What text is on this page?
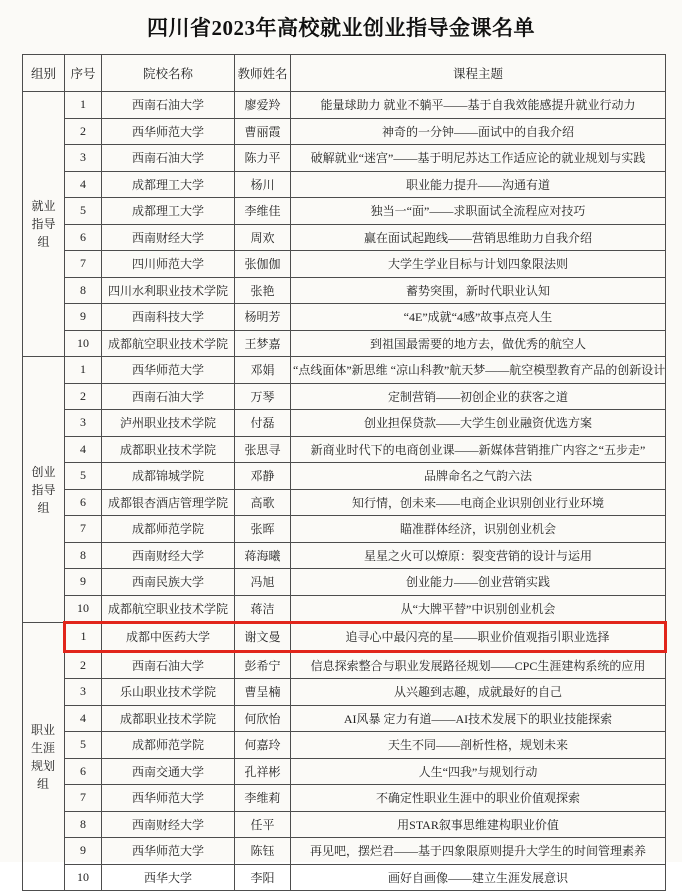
四川省2023年高校就业创业指导金课名单
组别	序号	院校名称	教师姓名	课程主题
就业
指导组	1	西南石油大学	廖爱羚	能量球助力 就业不躺平——基于自我效能感提升就业行动力
	2	西华师范大学	曹丽霞	神奇的一分钟——面试中的自我介绍
	3	西南石油大学	陈力平	破解就业“迷宫”——基于明尼苏达工作适应论的就业规划与实践
	4	成都理工大学	杨川	职业能力提升——沟通有道
	5	成都理工大学	李维佳	独当一“面”——求职面试全流程应对技巧
	6	西南财经大学	周欢	赢在面试起跑线——营销思维助力自我介绍
	7	四川师范大学	张伽伽	大学生学业目标与计划四象限法则
	8	四川水利职业技术学院	张艳	蓄势突围，新时代职业认知
	9	西南科技大学	杨明芳	“4E”成就“4感”故事点亮人生
	10	成都航空职业技术学院	王梦嘉	到祖国最需要的地方去，做优秀的航空人
创业
指导组	1	西华师范大学	邓娟	“点线面体”新思维 “凉山科教”航天梦——航空模型教育产品的创新设计
	2	西南石油大学	万琴	定制营销——初创企业的获客之道
	3	泸州职业技术学院	付磊	创业担保贷款——大学生创业融资优选方案
	4	成都职业技术学院	张思寻	新商业时代下的电商创业课——新媒体营销推广内容之“五步走”
	5	成都锦城学院	邓静	品牌命名之气韵六法
	6	成都银杏酒店管理学院	高歌	知行情，创未来——电商企业识别创业行业环境
	7	成都师范学院	张晖	瞄准群体经济，识别创业机会
	8	西南财经大学	蒋海曦	星星之火可以燎原：裂变营销的设计与运用
	9	西南民族大学	冯旭	创业能力——创业营销实践
	10	成都航空职业技术学院	蒋洁	从“大牌平替”中识别创业机会
职业
生涯
规划组	1	成都中医药大学	谢文曼	追寻心中最闪亮的星——职业价值观指引职业选择
	2	西南石油大学	彭希宁	信息探索整合与职业发展路径规划——CPC生涯建构系统的应用
	3	乐山职业技术学院	曹呈楠	从兴趣到志趣，成就最好的自己
	4	成都职业技术学院	何欣怡	AI风暴 定力有道——AI技术发展下的职业技能探索
	5	成都师范学院	何嘉玲	天生不同——剖析性格，规划未来
	6	西南交通大学	孔祥彬	人生“四我”与规划行动
	7	西华师范大学	李维莉	不确定性职业生涯中的职业价值观探索
	8	西南财经大学	任平	用STAR叙事思维建构职业价值
	9	西华师范大学	陈钰	再见吧，摆烂君——基于四象限原则提升大学生的时间管理素养
	10	西华大学	李阳	画好自画像——建立生涯发展意识
